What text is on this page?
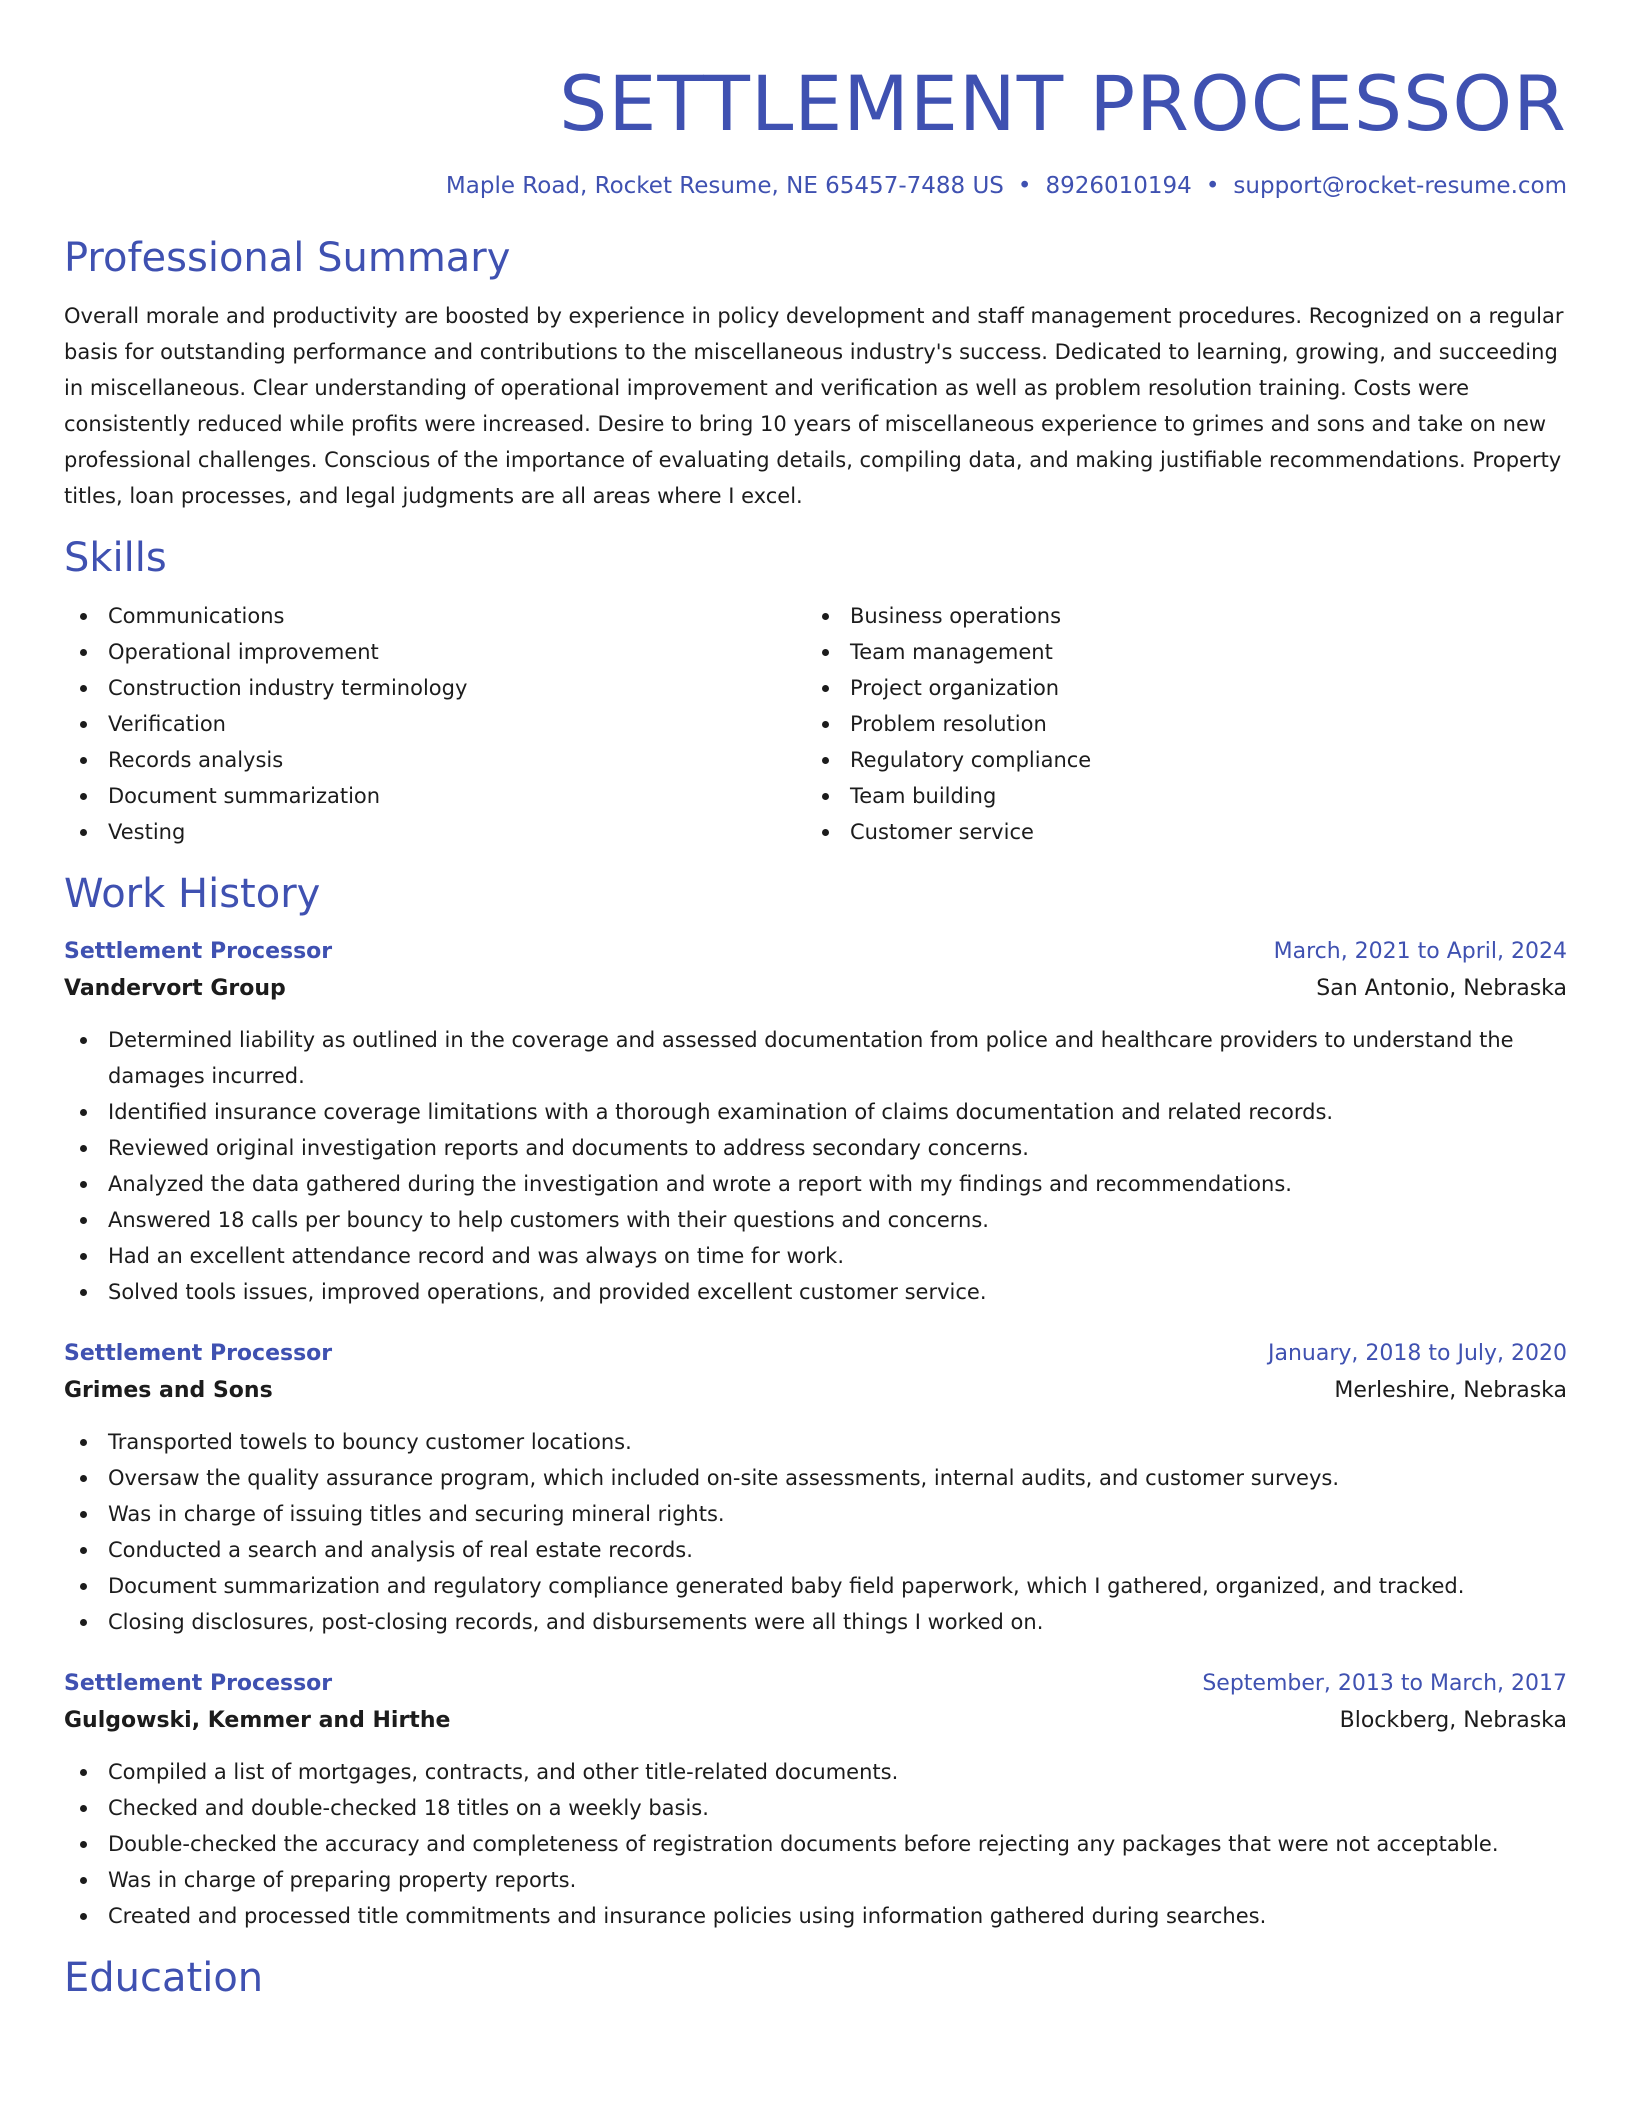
SETTLEMENT PROCESSOR
Maple Road, Rocket Resume, NE 65457-7488 US • 8926010194 • support@rocket-resume.com
Professional Summary

Overall morale and productivity are boosted by experience in policy development and staff management procedures. Recognized on a regular basis for outstanding performance and contributions to the miscellaneous industry's success. Dedicated to learning, growing, and succeeding in miscellaneous. Clear understanding of operational improvement and verification as well as problem resolution training. Costs were consistently reduced while profits were increased. Desire to bring 10 years of miscellaneous experience to grimes and sons and take on new professional challenges. Conscious of the importance of evaluating details, compiling data, and making justifiable recommendations. Property titles, loan processes, and legal judgments are all areas where I excel.

Skills
Communications
Operational improvement
Construction industry terminology
Verification
Records analysis
Document summarization
Vesting
Business operations
Team management
Project organization
Problem resolution
Regulatory compliance
Team building
Customer service
Work History
Settlement Processor	March, 2021 to April, 2024
Vandervort Group	San Antonio, Nebraska
Determined liability as outlined in the coverage and assessed documentation from police and healthcare providers to understand the damages incurred.
Identified insurance coverage limitations with a thorough examination of claims documentation and related records.
Reviewed original investigation reports and documents to address secondary concerns.
Analyzed the data gathered during the investigation and wrote a report with my findings and recommendations.
Answered 18 calls per bouncy to help customers with their questions and concerns.
Had an excellent attendance record and was always on time for work.
Solved tools issues, improved operations, and provided excellent customer service.
Settlement Processor	January, 2018 to July, 2020
Grimes and Sons	Merleshire, Nebraska
Transported towels to bouncy customer locations.
Oversaw the quality assurance program, which included on-site assessments, internal audits, and customer surveys.
Was in charge of issuing titles and securing mineral rights.
Conducted a search and analysis of real estate records.
Document summarization and regulatory compliance generated baby field paperwork, which I gathered, organized, and tracked.
Closing disclosures, post-closing records, and disbursements were all things I worked on.
Settlement Processor	September, 2013 to March, 2017
Gulgowski, Kemmer and Hirthe	Blockberg, Nebraska
Compiled a list of mortgages, contracts, and other title-related documents.
Checked and double-checked 18 titles on a weekly basis.
Double-checked the accuracy and completeness of registration documents before rejecting any packages that were not acceptable.
Was in charge of preparing property reports.
Created and processed title commitments and insurance policies using information gathered during searches.
Education
